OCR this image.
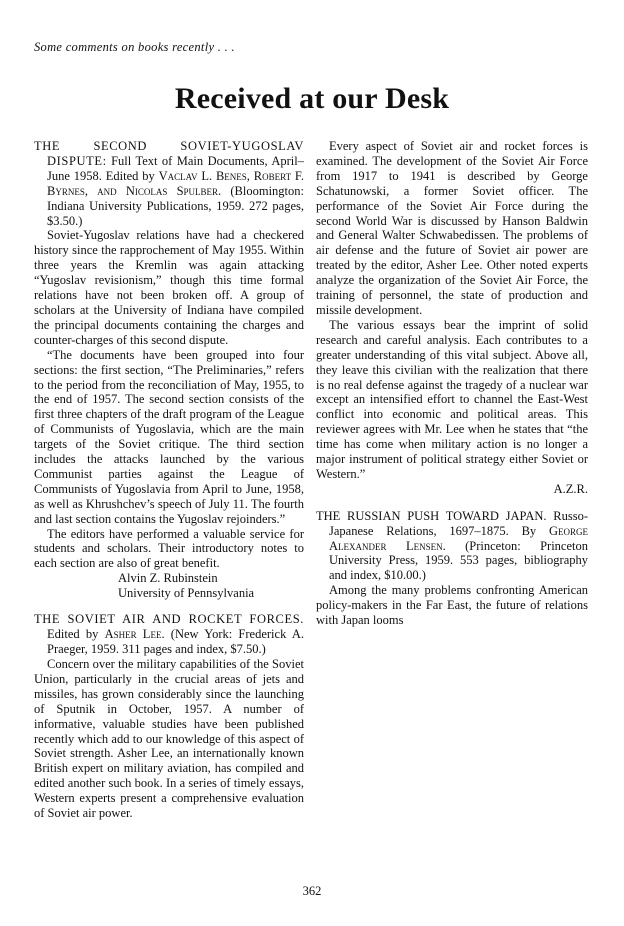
Some comments on books recently . . .
Received at our Desk

THE SECOND SOVIET-YUGOSLAV DISPUTE: Full Text of Main Documents, April–June 1958. Edited by Vaclav L. Benes, Robert F. Byrnes, and Nicolas Spulber. (Bloomington: Indiana University Publications, 1959. 272 pages, $3.50.)

Soviet-Yugoslav relations have had a checkered history since the rapprochement of May 1955. Within three years the Kremlin was again attacking “Yugoslav revisionism,” though this time formal relations have not been broken off. A group of scholars at the University of Indiana have compiled the principal documents containing the charges and counter-charges of this second dispute.

“The documents have been grouped into four sections: the first section, “The Preliminaries,” refers to the period from the reconciliation of May, 1955, to the end of 1957. The second section consists of the first three chapters of the draft program of the League of Communists of Yugoslavia, which are the main targets of the Soviet critique. The third section includes the attacks launched by the various Communist parties against the League of Communists of Yugoslavia from April to June, 1958, as well as Khrushchev’s speech of July 11. The fourth and last section contains the Yugoslav rejoinders.”

The editors have performed a valuable service for students and scholars. Their introductory notes to each section are also of great benefit.

Alvin Z. Rubinstein

University of Pennsylvania

THE SOVIET AIR AND ROCKET FORCES. Edited by Asher Lee. (New York: Frederick A. Praeger, 1959. 311 pages and index, $7.50.)

Concern over the military capabilities of the Soviet Union, particularly in the crucial areas of jets and missiles, has grown considerably since the launching of Sputnik in October, 1957. A number of informative, valuable studies have been published recently which add to our knowledge of this aspect of Soviet strength. Asher Lee, an internationally known British expert on military aviation, has compiled and edited another such book. In a series of timely essays, Western experts present a comprehensive evaluation of Soviet air power.

Every aspect of Soviet air and rocket forces is examined. The development of the Soviet Air Force from 1917 to 1941 is described by George Schatunowski, a former Soviet officer. The performance of the Soviet Air Force during the second World War is discussed by Hanson Baldwin and General Walter Schwabedissen. The problems of air defense and the future of Soviet air power are treated by the editor, Asher Lee. Other noted experts analyze the organization of the Soviet Air Force, the training of personnel, the state of production and missile development.

The various essays bear the imprint of solid research and careful analysis. Each contributes to a greater understanding of this vital subject. Above all, they leave this civilian with the realization that there is no real defense against the tragedy of a nuclear war except an intensified effort to channel the East-West conflict into economic and political areas. This reviewer agrees with Mr. Lee when he states that “the time has come when military action is no longer a major instrument of political strategy either Soviet or Western.”

A.Z.R.

THE RUSSIAN PUSH TOWARD JAPAN. Russo-Japanese Relations, 1697–1875. By George Alexander Lensen. (Princeton: Princeton University Press, 1959. 553 pages, bibliography and index, $10.00.)

Among the many problems confronting American policy-makers in the Far East, the future of relations with Japan looms

362
